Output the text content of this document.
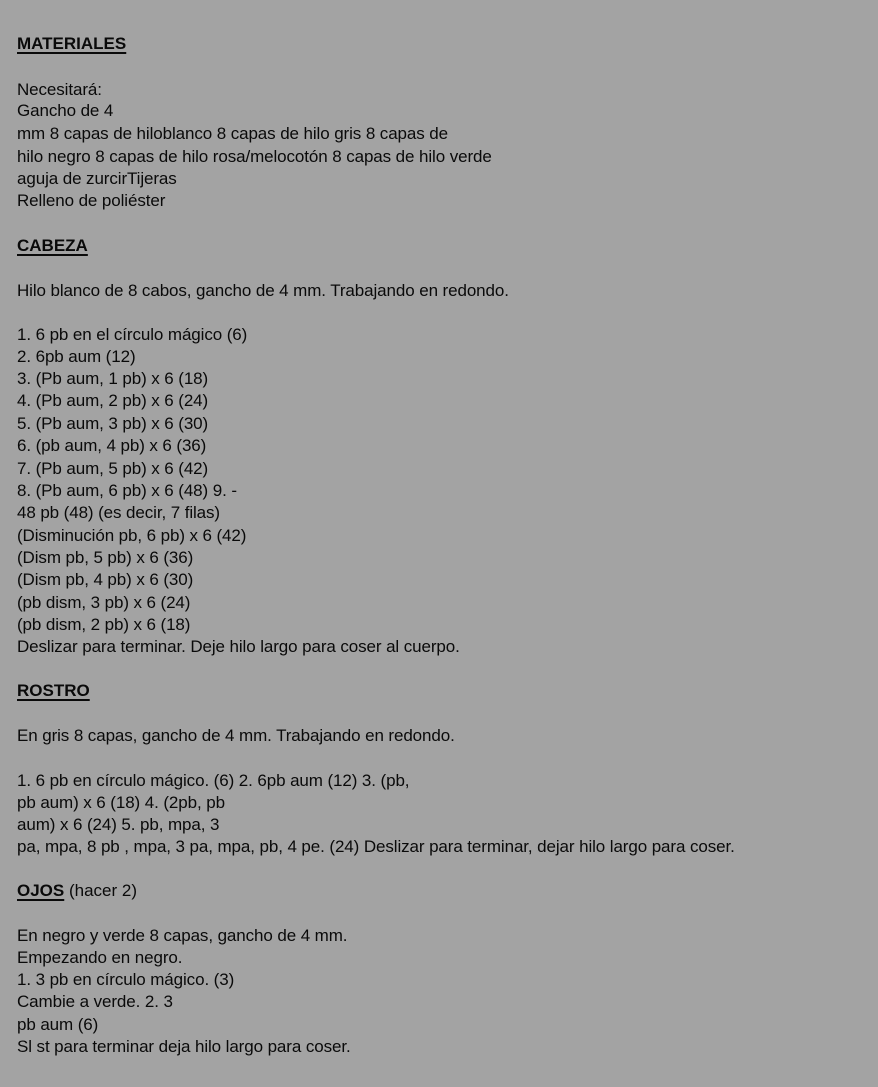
MATERIALES
Necesitará:
Gancho de 4
mm 8 capas de hiloblanco 8 capas de hilo gris 8 capas de
hilo negro 8 capas de hilo rosa/melocotón 8 capas de hilo verde
aguja de zurcirTijeras
Relleno de poliéster
CABEZA
Hilo blanco de 8 cabos, gancho de 4 mm. Trabajando en redondo.
1. 6 pb en el círculo mágico (6)
2. 6pb aum (12)
3. (Pb aum, 1 pb) x 6 (18)
4. (Pb aum, 2 pb) x 6 (24)
5. (Pb aum, 3 pb) x 6 (30)
6. (pb aum, 4 pb) x 6 (36)
7. (Pb aum, 5 pb) x 6 (42)
8. (Pb aum, 6 pb) x 6 (48) 9. -
48 pb (48) (es decir, 7 filas)
(Disminución pb, 6 pb) x 6 (42)
(Dism pb, 5 pb) x 6 (36)
(Dism pb, 4 pb) x 6 (30)
(pb dism, 3 pb) x 6 (24)
(pb dism, 2 pb) x 6 (18)
Deslizar para terminar. Deje hilo largo para coser al cuerpo.
ROSTRO
En gris 8 capas, gancho de 4 mm. Trabajando en redondo.
1. 6 pb en círculo mágico. (6) 2. 6pb aum (12) 3. (pb,
pb aum) x 6 (18) 4. (2pb, pb
aum) x 6 (24) 5. pb, mpa, 3
pa, mpa, 8 pb , mpa, 3 pa, mpa, pb, 4 pe. (24) Deslizar para terminar, dejar hilo largo para coser.
OJOS (hacer 2)
En negro y verde 8 capas, gancho de 4 mm.
Empezando en negro.
1. 3 pb en círculo mágico. (3)
Cambie a verde. 2. 3
pb aum (6)
Sl st para terminar deja hilo largo para coser.
